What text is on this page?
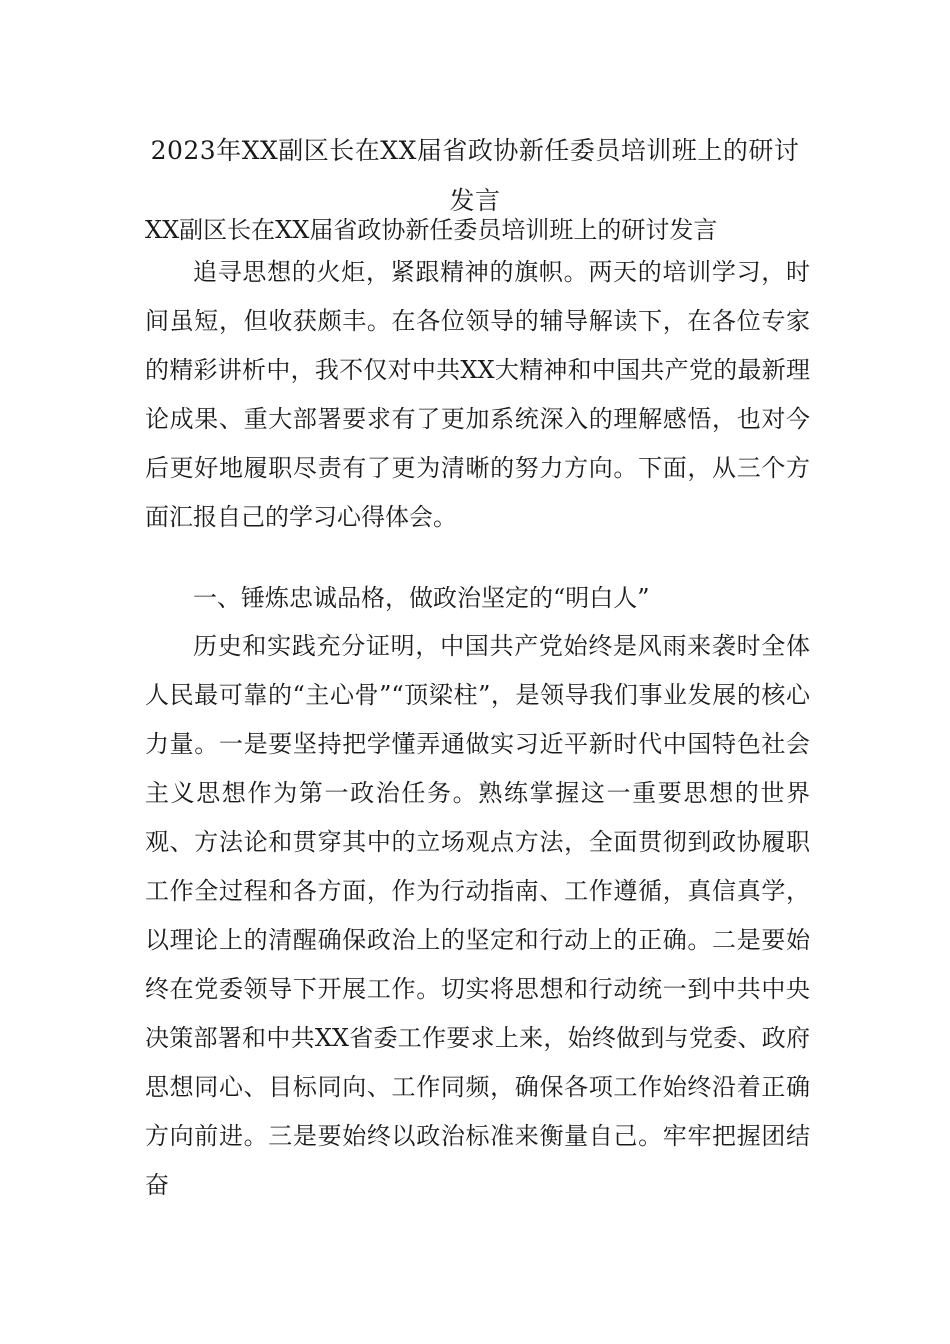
2023年XX副区长在XX届省政协新任委员培训班上的研讨发言

XX副区长在XX届省政协新任委员培训班上的研讨发言

追寻思想的火炬，紧跟精神的旗帜。两天的培训学习，时间虽短，但收获颇丰。在各位领导的辅导解读下，在各位专家的精彩讲析中，我不仅对中共XX大精神和中国共产党的最新理论成果、重大部署要求有了更加系统深入的理解感悟，也对今后更好地履职尽责有了更为清晰的努力方向。下面，从三个方面汇报自己的学习心得体会。

一、锤炼忠诚品格，做政治坚定的“明白人”

历史和实践充分证明，中国共产党始终是风雨来袭时全体人民最可靠的“主心骨”“顶梁柱”，是领导我们事业发展的核心力量。一是要坚持把学懂弄通做实习近平新时代中国特色社会主义思想作为第一政治任务。熟练掌握这一重要思想的世界观、方法论和贯穿其中的立场观点方法，全面贯彻到政协履职工作全过程和各方面，作为行动指南、工作遵循，真信真学，以理论上的清醒确保政治上的坚定和行动上的正确。二是要始终在党委领导下开展工作。切实将思想和行动统一到中共中央决策部署和中共XX省委工作要求上来，始终做到与党委、政府思想同心、目标同向、工作同频，确保各项工作始终沿着正确方向前进。三是要始终以政治标准来衡量自己。牢牢把握团结奋
